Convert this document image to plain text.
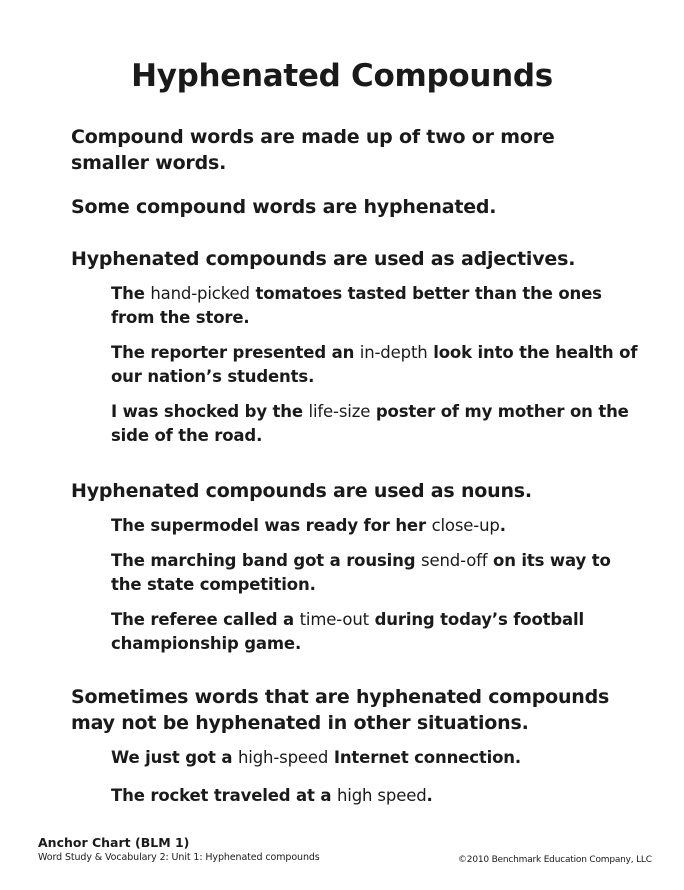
Hyphenated Compounds

Compound words are made up of two or more smaller words.

Some compound words are hyphenated.

Hyphenated compounds are used as adjectives.

The hand-picked tomatoes tasted better than the ones from the store.

The reporter presented an in-depth look into the health of our nation’s students.

I was shocked by the life-size poster of my mother on the side of the road.

Hyphenated compounds are used as nouns.

The supermodel was ready for her close-up.

The marching band got a rousing send-off on its way to the state competition.

The referee called a time-out during today’s football championship game.

Sometimes words that are hyphenated compounds may not be hyphenated in other situations.

We just got a high-speed Internet connection.

The rocket traveled at a high speed.

Anchor Chart (BLM 1)
Word Study & Vocabulary 2: Unit 1: Hyphenated compounds	©2010 Benchmark Education Company, LLC
